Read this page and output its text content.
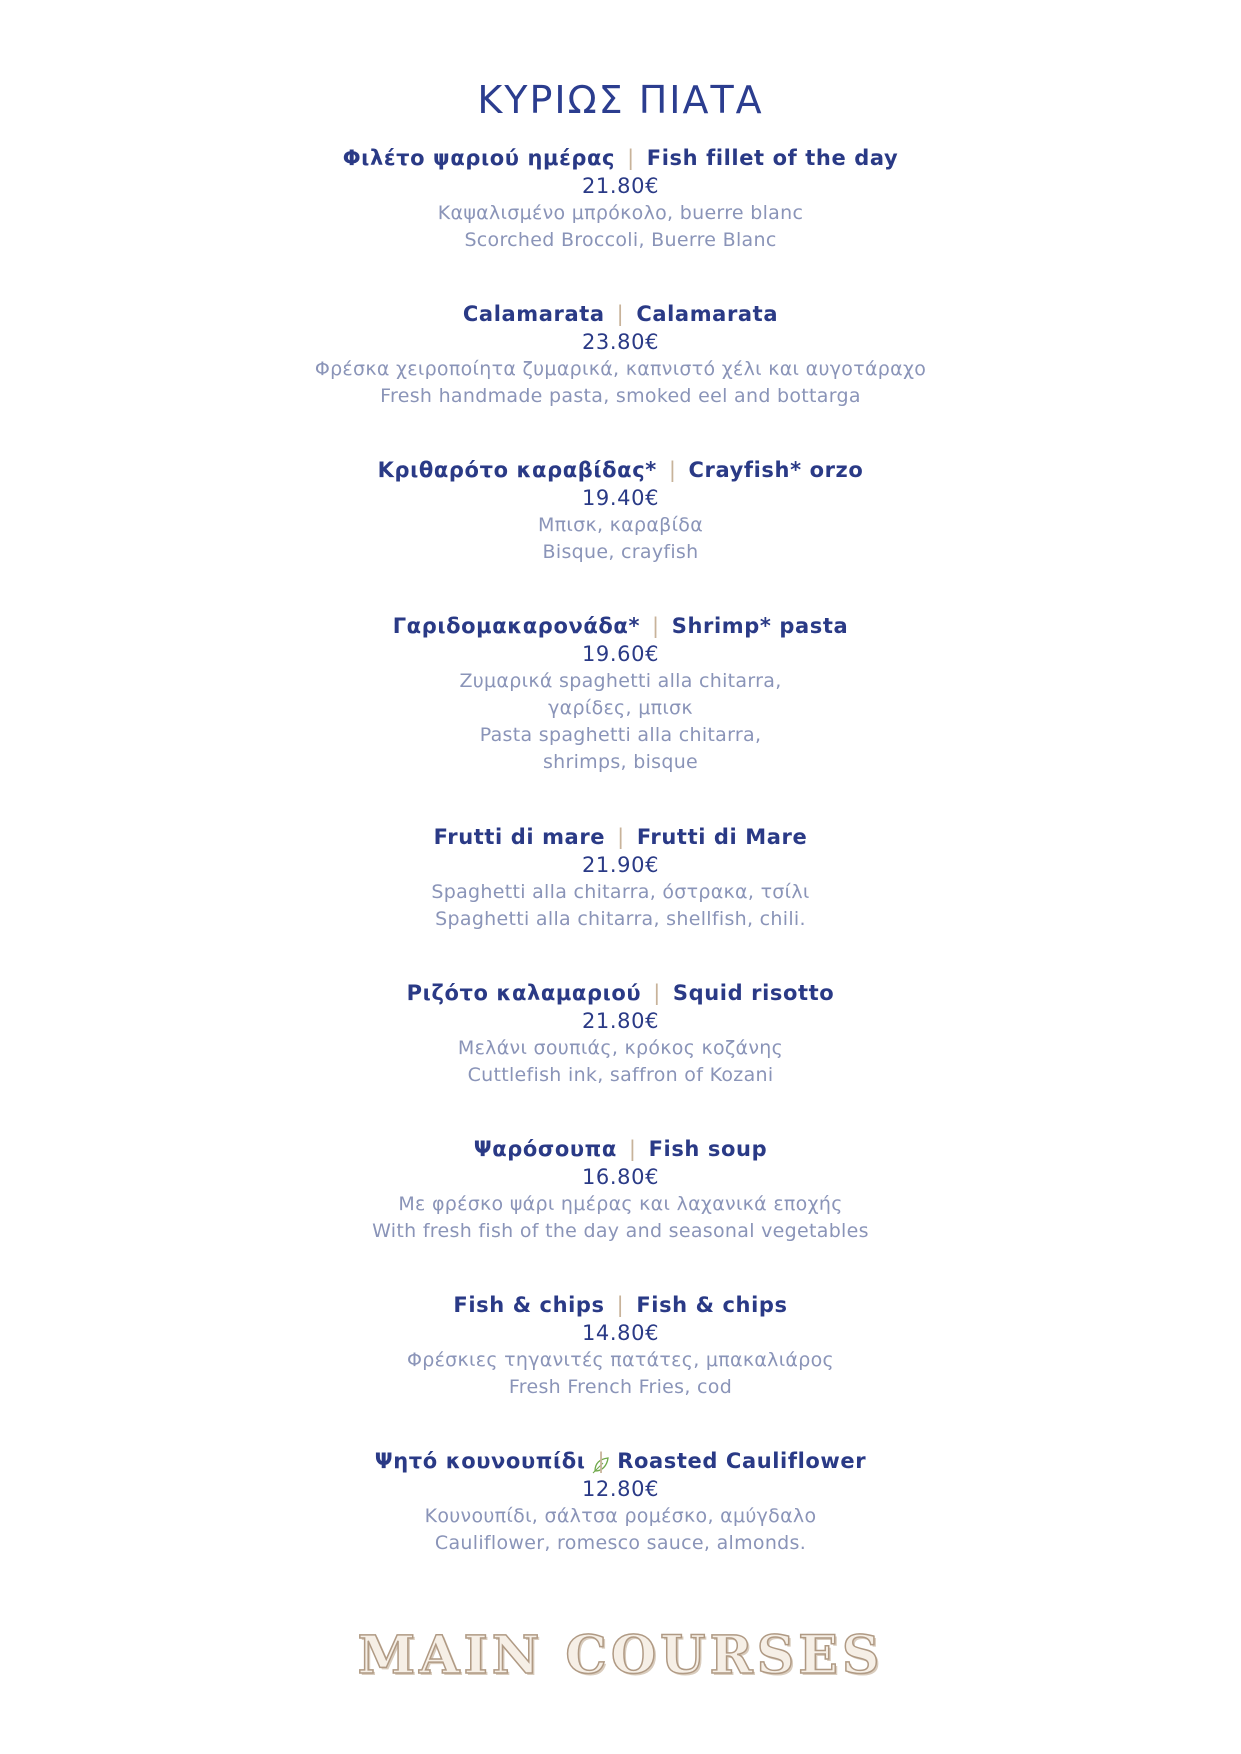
ΚΥΡΙΩΣ ΠΙΑΤΑ
Φιλέτο ψαριού ημέρας | Fish fillet of the day
21.80€
Καψαλισμένο μπρόκολο, buerre blanc
Scorched Broccoli, Buerre Blanc
Calamarata | Calamarata
23.80€
Φρέσκα χειροποίητα ζυμαρικά, καπνιστό χέλι και αυγοτάραχο
Fresh handmade pasta, smoked eel and bottarga
Κριθαρότο καραβίδας* | Crayfish* orzo
19.40€
Μπισκ, καραβίδα
Bisque, crayfish
Γαριδομακαρονάδα* | Shrimp* pasta
19.60€
Ζυμαρικά spaghetti alla chitarra,
γαρίδες, μπισκ
Pasta spaghetti alla chitarra,
shrimps, bisque
Frutti di mare | Frutti di Mare
21.90€
Spaghetti alla chitarra, όστρακα, τσίλι
Spaghetti alla chitarra, shellfish, chili.
Ριζότο καλαμαριού | Squid risotto
21.80€
Μελάνι σουπιάς, κρόκος κοζάνης
Cuttlefish ink, saffron of Kozani
Ψαρόσουπα | Fish soup
16.80€
Με φρέσκο ψάρι ημέρας και λαχανικά εποχής
With fresh fish of the day and seasonal vegetables
Fish & chips | Fish & chips
14.80€
Φρέσκιες τηγανιτές πατάτες, μπακαλιάρος
Fresh French Fries, cod
Ψητό κουνουπίδι | Roasted Cauliflower
12.80€
Κουνουπίδι, σάλτσα ρομέσκο, αμύγδαλο
Cauliflower, romesco sauce, almonds.
MAIN COURSES
